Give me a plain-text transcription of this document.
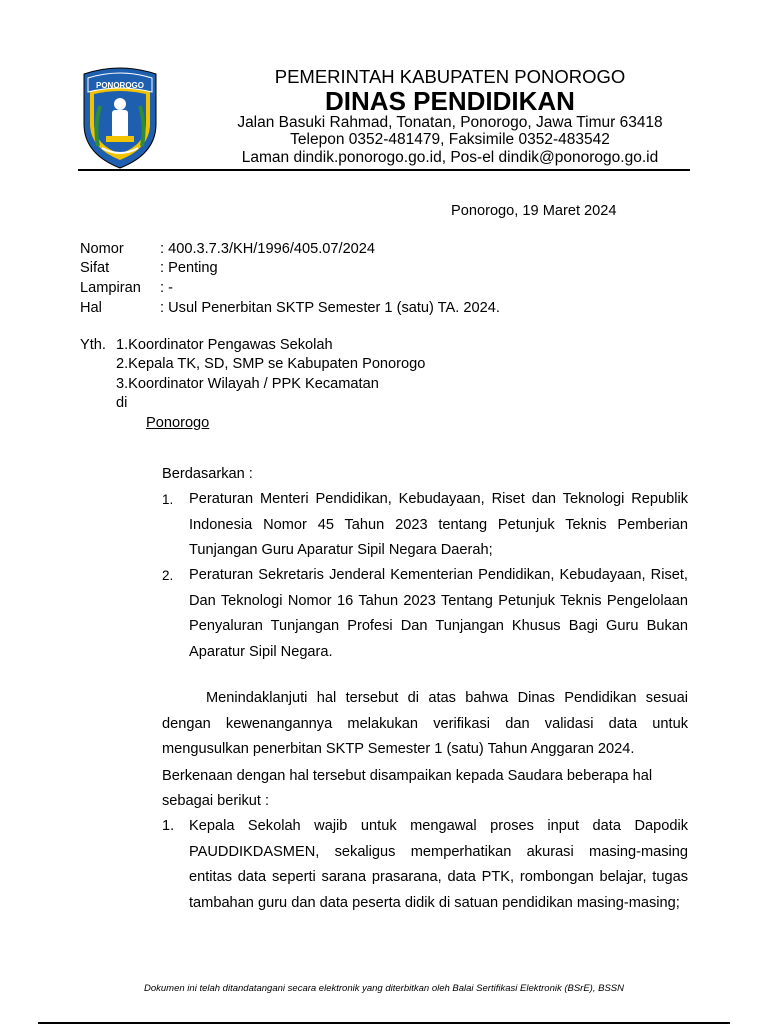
PONOROGO	PEMERINTAH KABUPATEN PONOROGO
DINAS PENDIDIKAN
Jalan Basuki Rahmad, Tonatan, Ponorogo, Jawa Timur 63418
Telepon 0352-481479, Faksimile 0352-483542
Laman dindik.ponorogo.go.id, Pos-el dindik@ponorogo.go.id
Ponorogo, 19 Maret 2024
Nomor : 400.3.7.3/KH/1996/405.07/2024
Sifat	: Penting
Lampiran : -
Hal	: Usul Penerbitan SKTP Semester 1 (satu) TA. 2024.
Yth. 1.Koordinator Pengawas Sekolah
2.Kepala TK, SD, SMP se Kabupaten Ponorogo
3.Koordinator Wilayah / PPK Kecamatan
di
Ponorogo
Berdasarkan :
1. Peraturan Menteri Pendidikan, Kebudayaan, Riset dan Teknologi Republik Indonesia Nomor 45 Tahun 2023 tentang Petunjuk Teknis Pemberian Tunjangan Guru Aparatur Sipil Negara Daerah;
2. Peraturan Sekretaris Jenderal Kementerian Pendidikan, Kebudayaan, Riset, Dan Teknologi Nomor 16 Tahun 2023 Tentang Petunjuk Teknis Pengelolaan Penyaluran Tunjangan Profesi Dan Tunjangan Khusus Bagi Guru Bukan Aparatur Sipil Negara.
Menindaklanjuti hal tersebut di atas bahwa Dinas Pendidikan sesuai dengan kewenangannya melakukan verifikasi dan validasi data untuk mengusulkan penerbitan SKTP Semester 1 (satu) Tahun Anggaran 2024.
Berkenaan dengan hal tersebut disampaikan kepada Saudara beberapa hal
sebagai berikut :
1. Kepala Sekolah wajib untuk mengawal proses input data Dapodik PAUDDIKDASMEN, sekaligus memperhatikan akurasi masing-masing entitas data seperti sarana prasarana, data PTK, rombongan belajar, tugas tambahan guru dan data peserta didik di satuan pendidikan masing-masing;
Dokumen ini telah ditandatangani secara elektronik yang diterbitkan oleh Balai Sertifikasi Elektronik (BSrE), BSSN
